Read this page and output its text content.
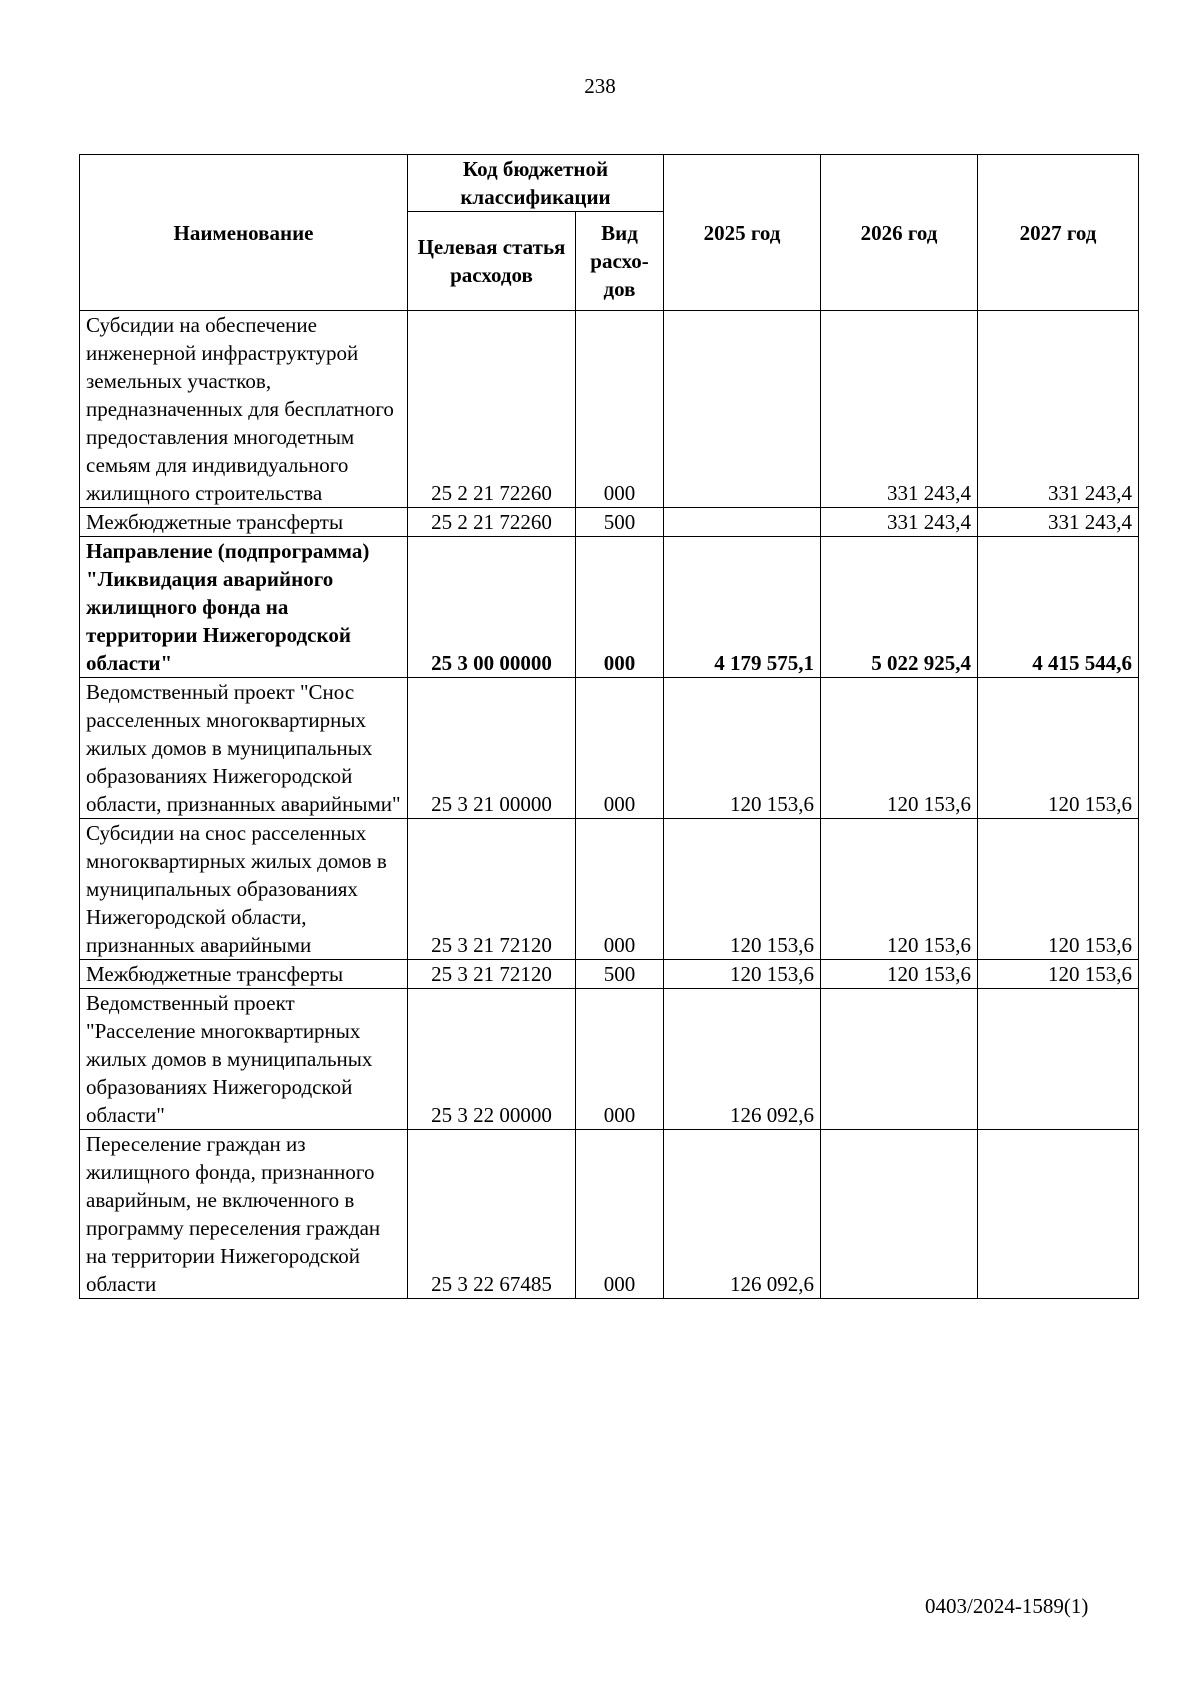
238
Наименование	Код бюджетной классификации		2025 год	2026 год	2027 год
	Целевая статья расходов	Вид расхо-дов			
Субсидии на обеспечение инженерной инфраструктурой земельных участков, предназначенных для бесплатного предоставления многодетным семьям для индивидуального жилищного строительства	25 2 21 72260	000		331 243,4	331 243,4
Межбюджетные трансферты	25 2 21 72260	500		331 243,4	331 243,4
Направление (подпрограмма) "Ликвидация аварийного жилищного фонда на территории Нижегородской области"	25 3 00 00000	000	4 179 575,1	5 022 925,4	4 415 544,6
Ведомственный проект "Снос расселенных многоквартирных жилых домов в муниципальных образованиях Нижегородской области, признанных аварийными"	25 3 21 00000	000	120 153,6	120 153,6	120 153,6
Субсидии на снос расселенных многоквартирных жилых домов в муниципальных образованиях Нижегородской области, признанных аварийными	25 3 21 72120	000	120 153,6	120 153,6	120 153,6
Межбюджетные трансферты	25 3 21 72120	500	120 153,6	120 153,6	120 153,6
Ведомственный проект "Расселение многоквартирных жилых домов в муниципальных образованиях Нижегородской области"	25 3 22 00000	000	126 092,6		
Переселение граждан из жилищного фонда, признанного аварийным, не включенного в программу переселения граждан на территории Нижегородской области	25 3 22 67485	000	126 092,6		
0403/2024-1589(1)
